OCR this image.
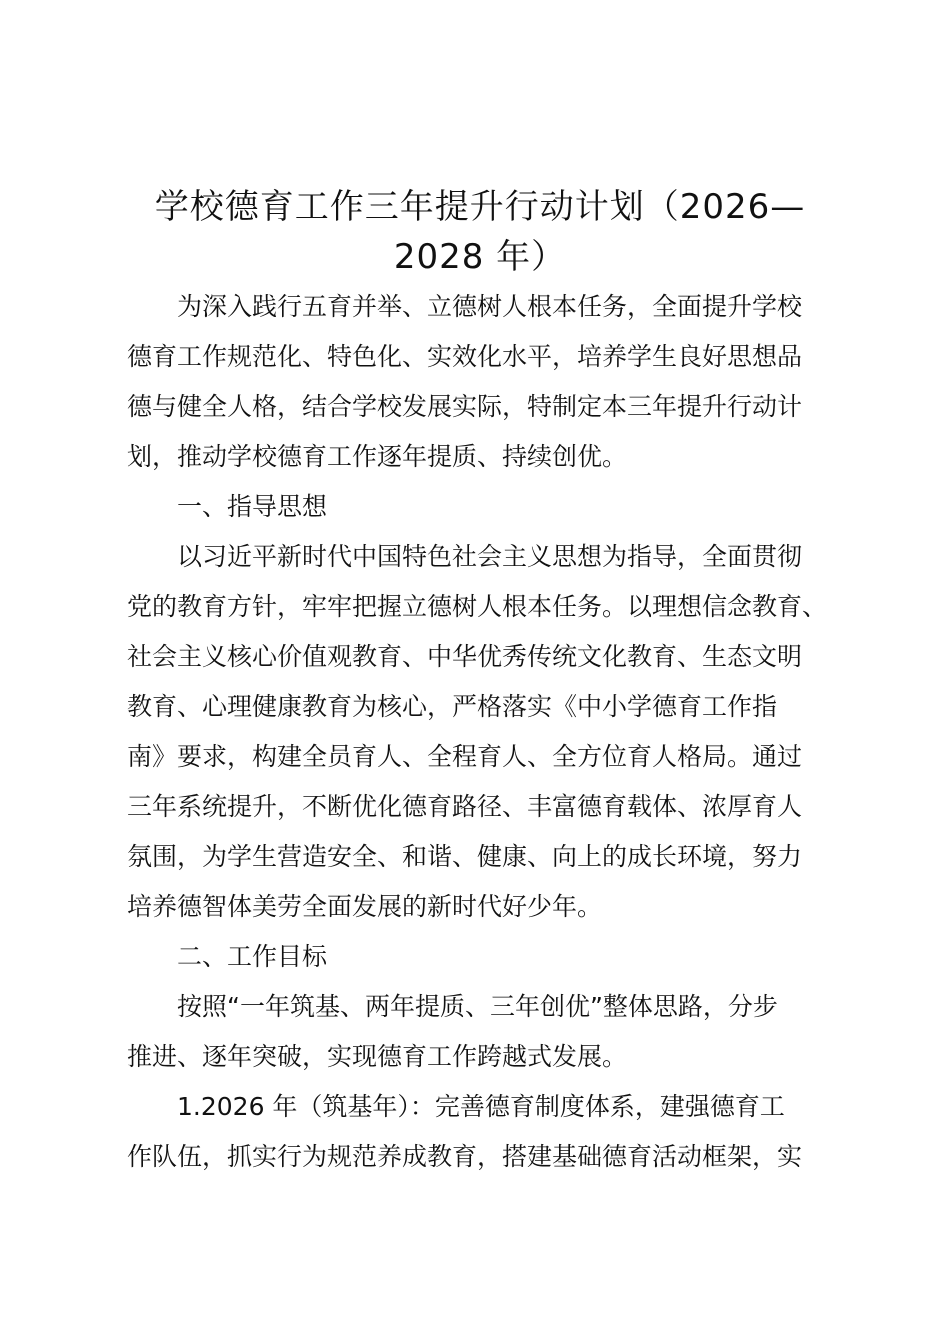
学校德育工作三年提升行动计划（2026—
2028 年）

为深入践行五育并举、立德树人根本任务，全面提升学校
德育工作规范化、特色化、实效化水平，培养学生良好思想品
德与健全人格，结合学校发展实际，特制定本三年提升行动计
划，推动学校德育工作逐年提质、持续创优。

一、指导思想

以习近平新时代中国特色社会主义思想为指导，全面贯彻
党的教育方针，牢牢把握立德树人根本任务。以理想信念教育、
社会主义核心价值观教育、中华优秀传统文化教育、生态文明
教育、心理健康教育为核心，严格落实《中小学德育工作指
南》要求，构建全员育人、全程育人、全方位育人格局。通过
三年系统提升，不断优化德育路径、丰富德育载体、浓厚育人
氛围，为学生营造安全、和谐、健康、向上的成长环境，努力
培养德智体美劳全面发展的新时代好少年。

二、工作目标

按照“一年筑基、两年提质、三年创优”整体思路，分步
推进、逐年突破，实现德育工作跨越式发展。

1.2026 年（筑基年）：完善德育制度体系，建强德育工
作队伍，抓实行为规范养成教育，搭建基础德育活动框架，实
